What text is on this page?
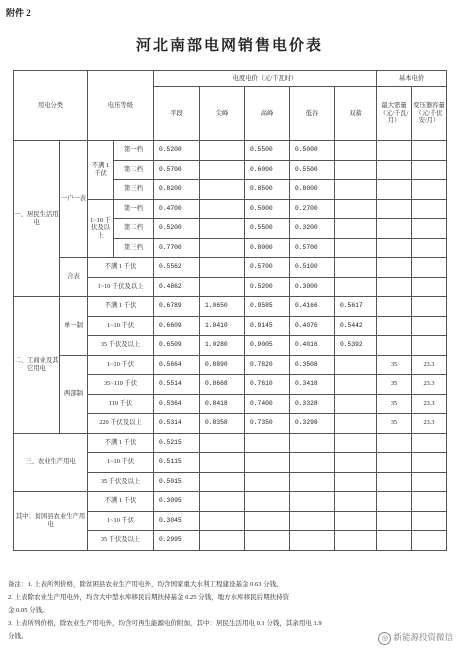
附件 2
河北南部电网销售电价表
用电分类		电压等级		电度电价（元/千瓦时）					基本电价	
				平段	尖峰	高峰	低谷	双蓄	最大需量（元/千瓦/月）	变压器容量（元/千伏安/月）
一、居民生活用电	一户一表	不满 1 千伏	第一档	0.5200		0.5500	0.5000			
			第二档	0.5700		0.6000	0.5500			
			第三档	0.8200		0.8500	0.8000			
		1~10 千伏及以上	第一档	0.4700		0.5000	0.2700			
			第二档	0.5200		0.5500	0.3200			
			第三档	0.7700		0.8000	0.5700			
	合表	不满 1 千伏		0.5562		0.5700	0.5100			
		1~10 千伏及以上		0.4862		0.5200	0.3000			
二、工商业及其它用电	单一制	不满 1 千伏		0.6789	1.0650	0.9585	0.4166	0.5617		
		1~10 千伏		0.6609	1.0410	0.9145	0.4076	0.5442		
		35 千伏及以上		0.6509	1.0280	0.9005	0.4016	0.5392		
	两部制	1~10 千伏		0.5664	0.8890	0.7820	0.3508		35	23.3
		35~110 千伏		0.5514	0.8668	0.7610	0.3418		35	23.3
		110 千伏		0.5364	0.8418	0.7400	0.3328		35	23.3
		220 千伏及以上		0.5314	0.8358	0.7350	0.3298		35	23.3
三、农业生产用电		不满 1 千伏		0.5215						
		1~10 千伏		0.5115						
		35 千伏及以上		0.5015						
其中：贫困县农业生产用电		不满 1 千伏		0.3095						
		1~10 千伏		0.3045						
		35 千伏及以上		0.2995						
备注：1. 上表所列价格，除贫困县农业生产用电外，均含国家重大水利工程建设基金 0.63 分钱。
2. 上表除农业生产用电外，均含大中型水库移民后期扶持基金 0.25 分钱，地方水库移民后期扶持资
金 0.05 分钱。
3. 上表所列价格，除农业生产用电外，均含可再生能源电价附加，其中：居民生活用电 0.1 分钱，其余用电 1.9
分钱。	◎ 新能源投资微信
